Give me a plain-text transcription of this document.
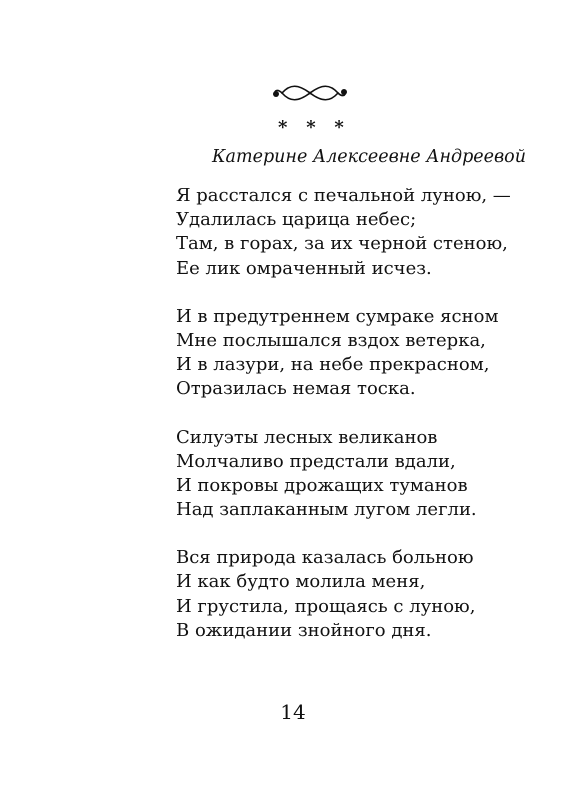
*   *   *
Катерине Алексеевне Андреевой
Я расстался с печальной луною, —
Удалилась царица небес;
Там, в горах, за их черной стеною,
Ее лик омраченный исчез.
И в предутреннем сумраке ясном
Мне послышался вздох ветерка,
И в лазури, на небе прекрасном,
Отразилась немая тоска.
Силуэты лесных великанов
Молчаливо предстали вдали,
И покровы дрожащих туманов
Над заплаканным лугом легли.
Вся природа казалась больною
И как будто молила меня,
И грустила, прощаясь с луною,
В ожидании знойного дня.
14
